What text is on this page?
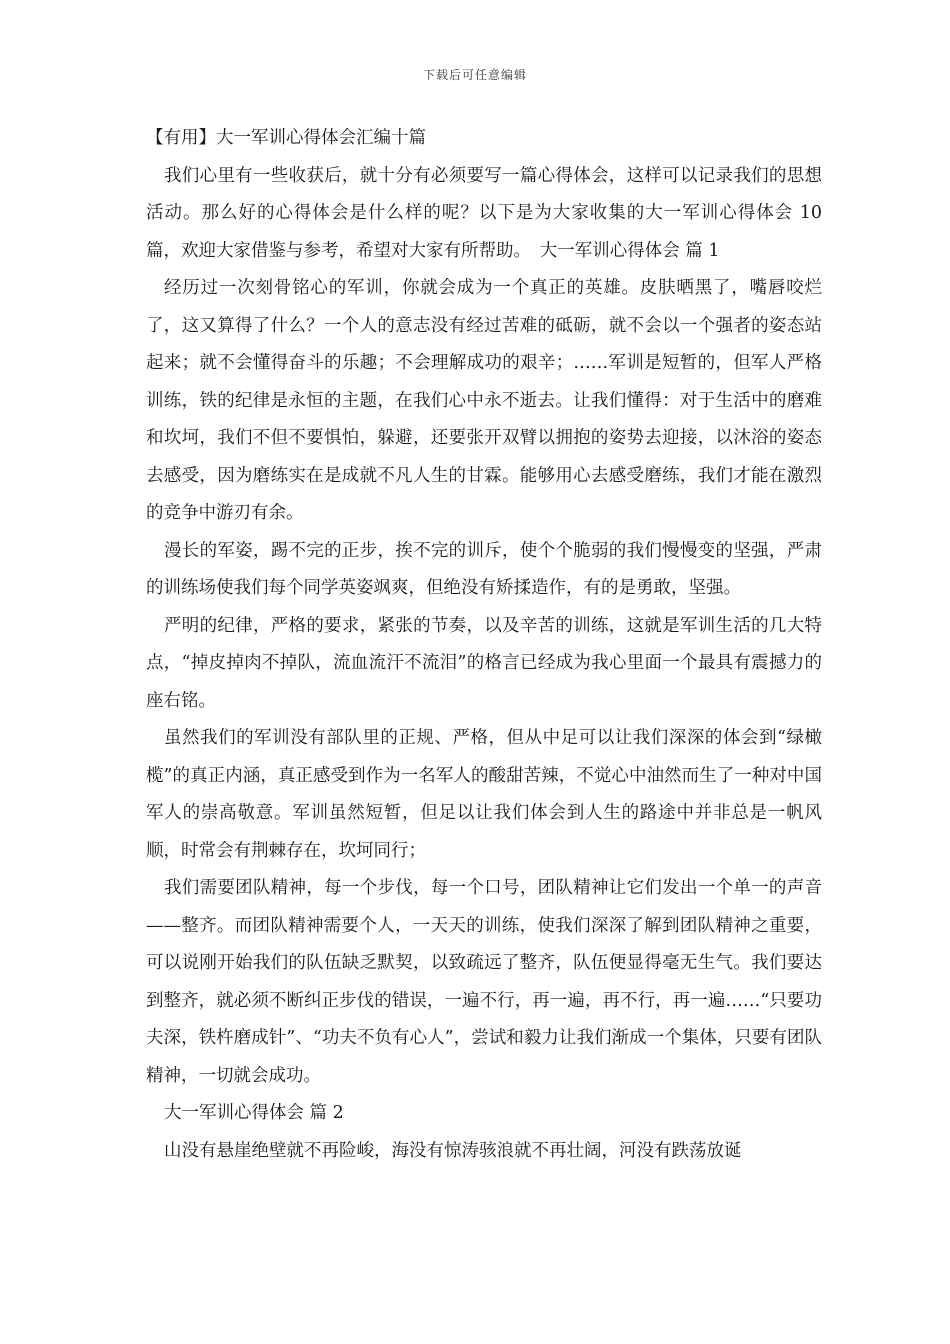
下载后可任意编辑

【有用】大一军训心得体会汇编十篇

我们心里有一些收获后，就十分有必须要写一篇心得体会，这样可以记录我们的思想活动。那么好的心得体会是什么样的呢？以下是为大家收集的大一军训心得体会 10 篇，欢迎大家借鉴与参考，希望对大家有所帮助。　大一军训心得体会 篇 1

经历过一次刻骨铭心的军训，你就会成为一个真正的英雄。皮肤晒黑了，嘴唇咬烂了，这又算得了什么？一个人的意志没有经过苦难的砥砺，就不会以一个强者的姿态站起来；就不会懂得奋斗的乐趣；不会理解成功的艰辛；……军训是短暂的，但军人严格训练，铁的纪律是永恒的主题，在我们心中永不逝去。让我们懂得：对于生活中的磨难和坎坷，我们不但不要惧怕，躲避，还要张开双臂以拥抱的姿势去迎接，以沐浴的姿态去感受，因为磨练实在是成就不凡人生的甘霖。能够用心去感受磨练，我们才能在激烈的竞争中游刃有余。

漫长的军姿，踢不完的正步，挨不完的训斥，使个个脆弱的我们慢慢变的坚强，严肃的训练场使我们每个同学英姿飒爽，但绝没有矫揉造作，有的是勇敢，坚强。

严明的纪律，严格的要求，紧张的节奏，以及辛苦的训练，这就是军训生活的几大特点，“掉皮掉肉不掉队，流血流汗不流泪”的格言已经成为我心里面一个最具有震撼力的座右铭。

虽然我们的军训没有部队里的正规、严格，但从中足可以让我们深深的体会到“绿橄榄”的真正内涵，真正感受到作为一名军人的酸甜苦辣，不觉心中油然而生了一种对中国军人的崇高敬意。军训虽然短暂，但足以让我们体会到人生的路途中并非总是一帆风顺，时常会有荆棘存在，坎坷同行；

我们需要团队精神，每一个步伐，每一个口号，团队精神让它们发出一个单一的声音——整齐。而团队精神需要个人，一天天的训练，使我们深深了解到团队精神之重要，可以说刚开始我们的队伍缺乏默契，以致疏远了整齐，队伍便显得毫无生气。我们要达到整齐，就必须不断纠正步伐的错误，一遍不行，再一遍，再不行，再一遍……“只要功夫深，铁杵磨成针”、“功夫不负有心人”，尝试和毅力让我们渐成一个集体，只要有团队精神，一切就会成功。

大一军训心得体会 篇 2

山没有悬崖绝壁就不再险峻，海没有惊涛骇浪就不再壮阔，河没有跌荡放诞
